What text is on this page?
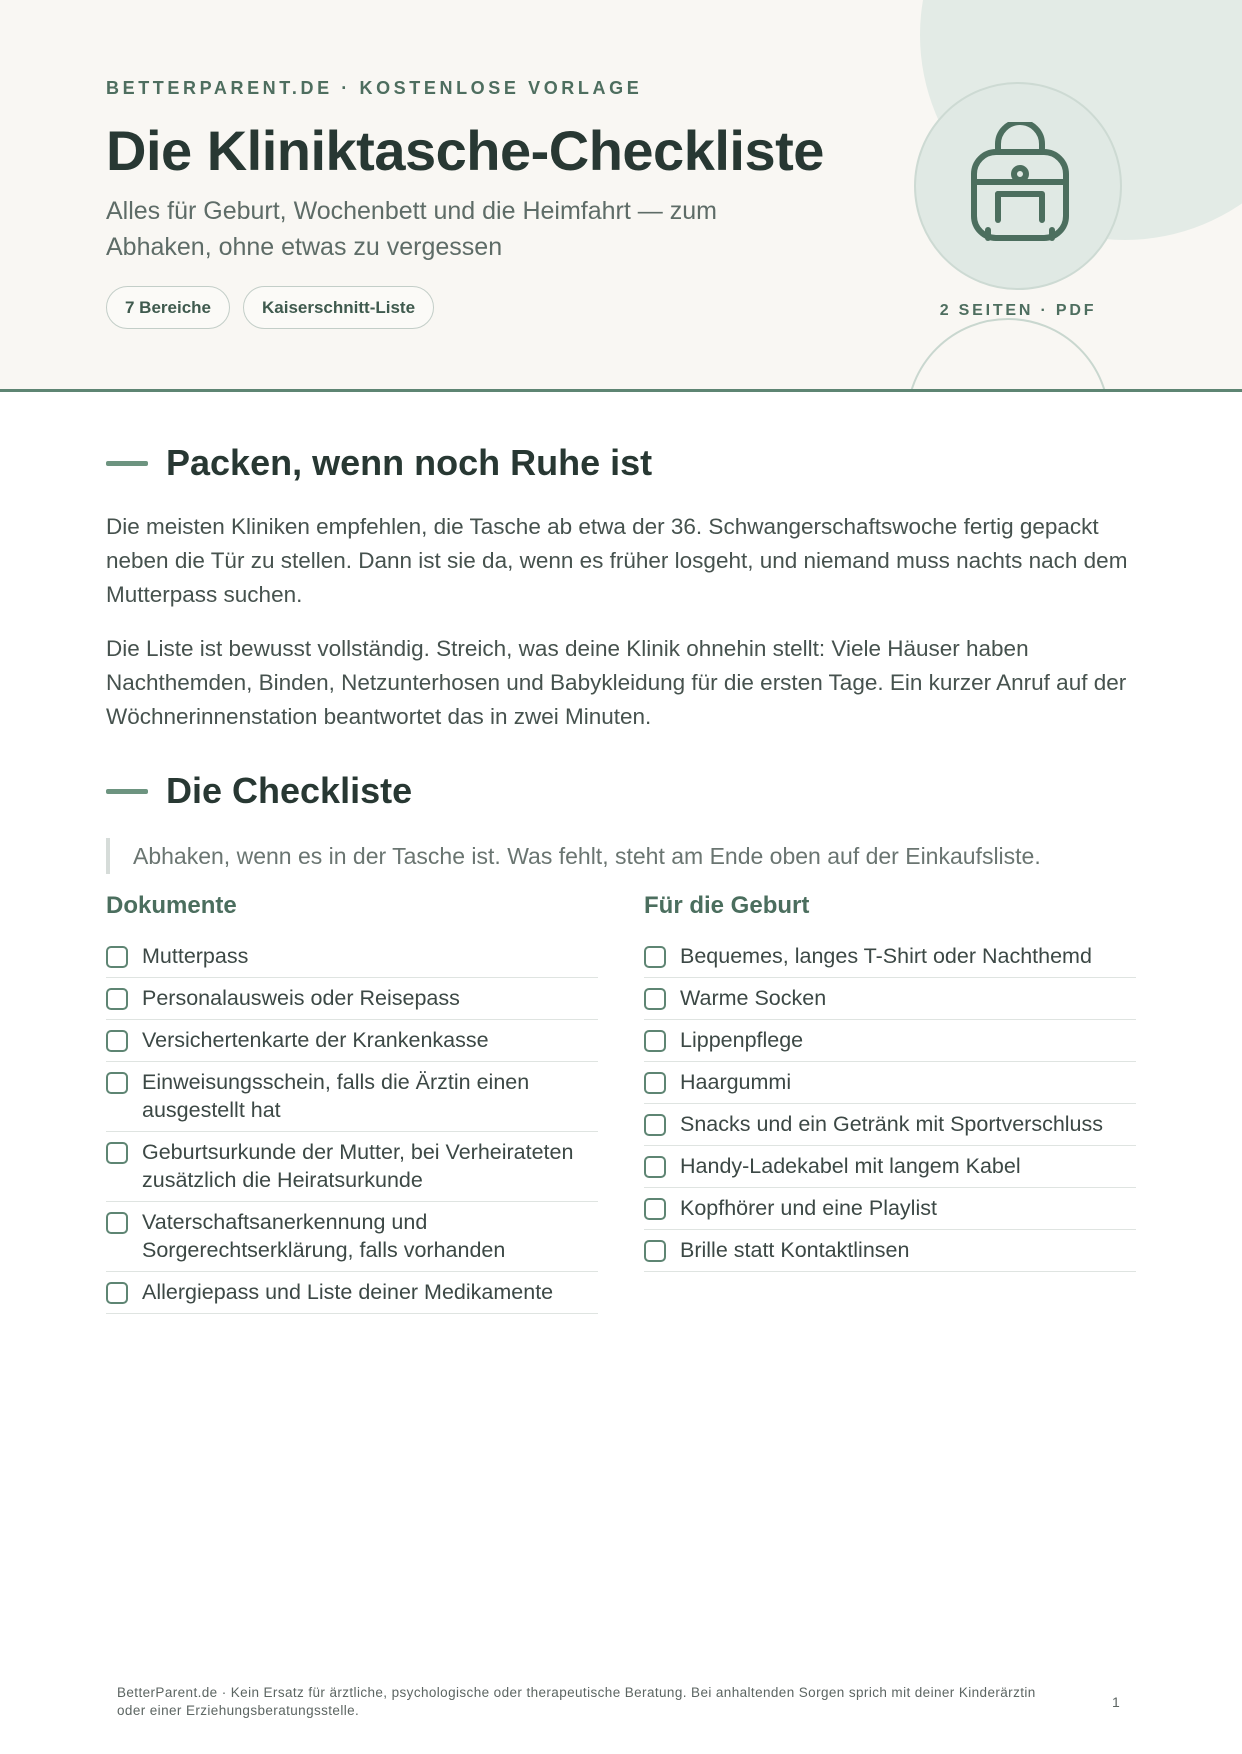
BETTERPARENT.DE · KOSTENLOSE VORLAGE
Die Kliniktasche-Checkliste

Alles für Geburt, Wochenbett und die Heimfahrt — zum Abhaken, ohne etwas zu vergessen

7 Bereiche	Kaiserschnitt-Liste	2 SEITEN · PDF
Packen, wenn noch Ruhe ist

Die meisten Kliniken empfehlen, die Tasche ab etwa der 36. Schwangerschaftswoche fertig gepackt neben die Tür zu stellen. Dann ist sie da, wenn es früher losgeht, und niemand muss nachts nach dem Mutterpass suchen.

Die Liste ist bewusst vollständig. Streich, was deine Klinik ohnehin stellt: Viele Häuser haben Nachthemden, Binden, Netzunterhosen und Babykleidung für die ersten Tage. Ein kurzer Anruf auf der Wöchnerinnenstation beantwortet das in zwei Minuten.

Die Checkliste
Abhaken, wenn es in der Tasche ist. Was fehlt, steht am Ende oben auf der Einkaufsliste.
Dokumente
Mutterpass
Personalausweis oder Reisepass
Versichertenkarte der Krankenkasse
Einweisungsschein, falls die Ärztin einen ausgestellt hat
Geburtsurkunde der Mutter, bei Verheirateten zusätzlich die Heiratsurkunde
Vaterschaftsanerkennung und Sorgerechtserklärung, falls vorhanden
Allergiepass und Liste deiner Medikamente
Für die Geburt
Bequemes, langes T-Shirt oder Nachthemd
Warme Socken
Lippenpflege
Haargummi
Snacks und ein Getränk mit Sportverschluss
Handy-Ladekabel mit langem Kabel
Kopfhörer und eine Playlist
Brille statt Kontaktlinsen

BetterParent.de · Kein Ersatz für ärztliche, psychologische oder therapeutische Beratung. Bei anhaltenden Sorgen sprich mit deiner Kinderärztin oder einer Erziehungsberatungsstelle.

1
